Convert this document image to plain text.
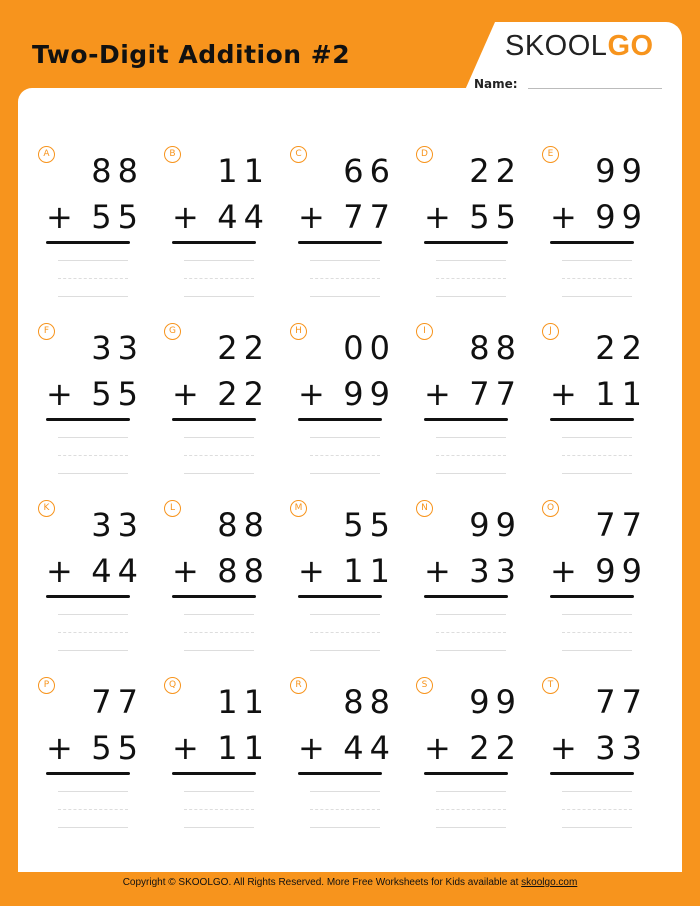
Two-Digit Addition #2	SKOOLGO
Name:
A 88
+ 55
B 11
+ 44
C 66
+ 77
D 22
+ 55
E 99
+ 99
F 33
+ 55
G 22
+ 22
H 00
+ 99
I 88
+ 77
J 22
+ 11
K 33
+ 44
L 88
+ 88
M 55
+ 11
N 99
+ 33
O 77
+ 99
P 77
+ 55
Q 11
+ 11
R 88
+ 44
S 99
+ 22
T 77
+ 33
Copyright © SKOOLGO. All Rights Reserved. More Free Worksheets for Kids available at skoolgo.com
